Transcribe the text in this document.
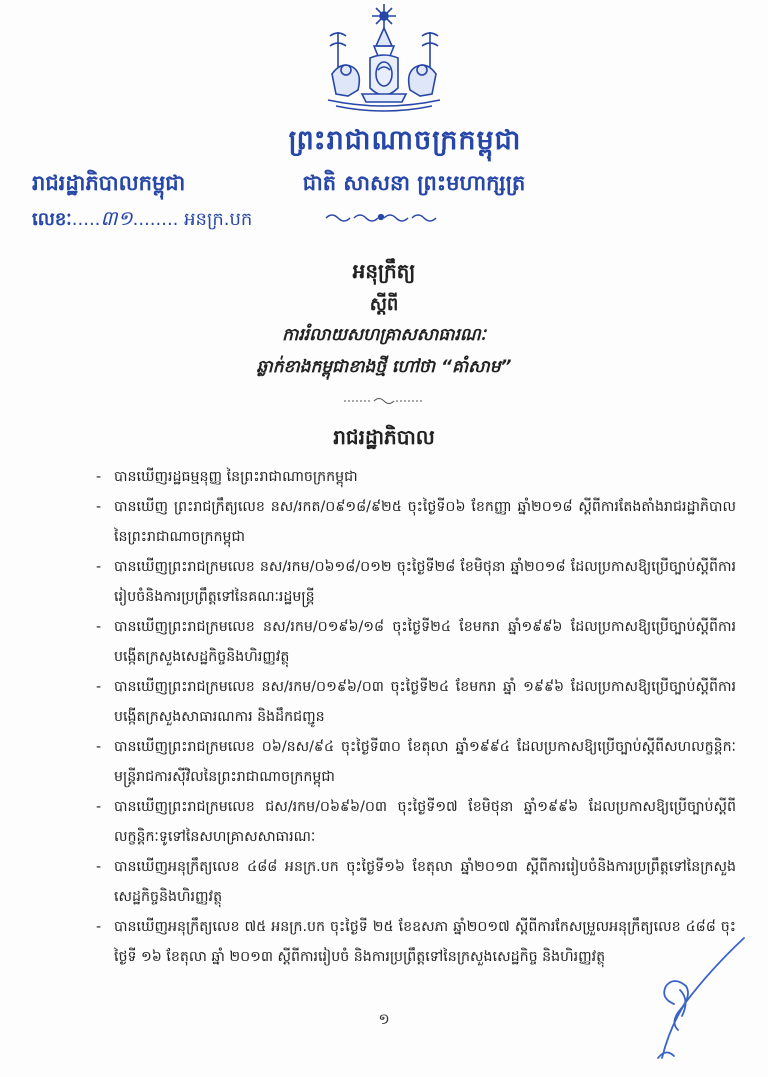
ព្រះរាជាណាចក្រកម្ពុជា
ជាតិ សាសនា ព្រះមហាក្សត្រ
រាជរដ្ឋាភិបាលកម្ពុជា
លេខៈ.....៣១........ អនក្រ.បក
អនុក្រឹត្យ
ស្ដីពី
ការរំលាយសហគ្រាសសាធារណៈ
ឆ្លាក់ខាងកម្ពុជាខាងថ្មី ហៅថា “គាំសាម”
រាជរដ្ឋាភិបាល
- បានឃើញរដ្ឋធម្មនុញ្ញ នៃព្រះរាជាណាចក្រកម្ពុជា
- បានឃើញ ព្រះរាជក្រឹត្យលេខ នស/រកត/០៩១៨/៩២៥ ចុះថ្ងៃទី០៦ ខែកញ្ញា ឆ្នាំ២០១៨ ស្ដីពីការតែងតាំងរាជរដ្ឋាភិបាល នៃព្រះរាជាណាចក្រកម្ពុជា
- បានឃើញព្រះរាជក្រមលេខ នស/រកម/០៦១៨/០១២ ចុះថ្ងៃទី២៨ ខែមិថុនា ឆ្នាំ២០១៨ ដែលប្រកាសឱ្យប្រើច្បាប់ស្ដីពីការរៀបចំនិងការប្រព្រឹត្តទៅនៃគណៈរដ្ឋមន្ត្រី
- បានឃើញព្រះរាជក្រមលេខ នស/រកម/០១៩៦/១៨ ចុះថ្ងៃទី២៤ ខែមករា ឆ្នាំ១៩៩៦ ដែលប្រកាសឱ្យប្រើច្បាប់ស្ដីពីការបង្កើតក្រសួងសេដ្ឋកិច្ចនិងហិរញ្ញវត្ថុ
- បានឃើញព្រះរាជក្រមលេខ នស/រកម/០១៩៦/០៣ ចុះថ្ងៃទី២៤ ខែមករា ឆ្នាំ ១៩៩៦ ដែលប្រកាសឱ្យប្រើច្បាប់ស្ដីពីការបង្កើតក្រសួងសាធារណការ និងដឹកជញ្ជូន
- បានឃើញព្រះរាជក្រមលេខ ០៦/នស/៩៤ ចុះថ្ងៃទី៣០ ខែតុលា ឆ្នាំ១៩៩៤ ដែលប្រកាសឱ្យប្រើច្បាប់ស្ដីពីសហលក្ខន្តិកៈមន្ត្រីរាជការស៊ីវិលនៃព្រះរាជាណាចក្រកម្ពុជា
- បានឃើញព្រះរាជក្រមលេខ ជស/រកម/០៦៩៦/០៣ ចុះថ្ងៃទី១៧ ខែមិថុនា ឆ្នាំ១៩៩៦ ដែលប្រកាសឱ្យប្រើច្បាប់ស្ដីពីលក្ខន្តិកៈទូទៅនៃសហគ្រាសសាធារណៈ
- បានឃើញអនុក្រឹត្យលេខ ៤៨៨ អនក្រ.បក ចុះថ្ងៃទី១៦ ខែតុលា ឆ្នាំ២០១៣ ស្ដីពីការរៀបចំនិងការប្រព្រឹត្តទៅនៃក្រសួងសេដ្ឋកិច្ចនិងហិរញ្ញវត្ថុ
- បានឃើញអនុក្រឹត្យលេខ ៧៥ អនក្រ.បក ចុះថ្ងៃទី ២៥ ខែឧសភា ឆ្នាំ២០១៧ ស្ដីពីការកែសម្រួលអនុក្រឹត្យលេខ ៤៨៨ ចុះថ្ងៃទី ១៦ ខែតុលា ឆ្នាំ ២០១៣ ស្ដីពីការរៀបចំ និងការប្រព្រឹត្តទៅនៃក្រសួងសេដ្ឋកិច្ច និងហិរញ្ញវត្ថុ
១
